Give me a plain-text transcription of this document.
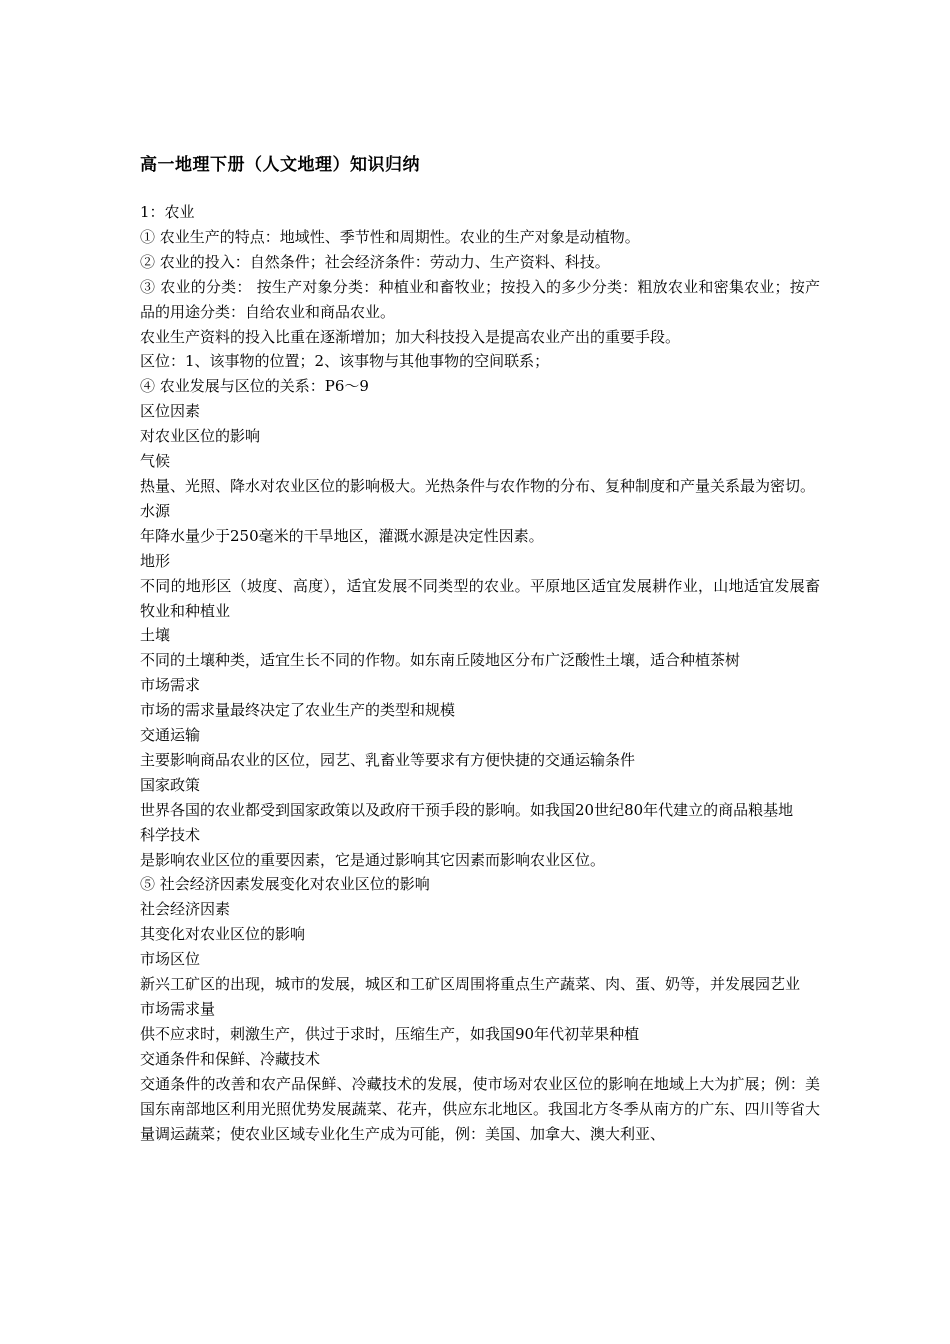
高一地理下册（人文地理）知识归纳

1：农业

① 农业生产的特点：地域性、季节性和周期性。农业的生产对象是动植物。

② 农业的投入：自然条件；社会经济条件：劳动力、生产资料、科技。

③ 农业的分类： 按生产对象分类：种植业和畜牧业；按投入的多少分类：粗放农业和密集农业；按产品的用途分类：自给农业和商品农业。

农业生产资料的投入比重在逐渐增加；加大科技投入是提高农业产出的重要手段。

区位：1、该事物的位置；2、该事物与其他事物的空间联系；

④ 农业发展与区位的关系：P6～9

区位因素

对农业区位的影响

气候

热量、光照、降水对农业区位的影响极大。光热条件与农作物的分布、复种制度和产量关系最为密切。

水源

年降水量少于250毫米的干旱地区，灌溉水源是决定性因素。

地形

不同的地形区（坡度、高度），适宜发展不同类型的农业。平原地区适宜发展耕作业，山地适宜发展畜牧业和种植业

土壤

不同的土壤种类，适宜生长不同的作物。如东南丘陵地区分布广泛酸性土壤，适合种植茶树

市场需求

市场的需求量最终决定了农业生产的类型和规模

交通运输

主要影响商品农业的区位，园艺、乳畜业等要求有方便快捷的交通运输条件

国家政策

世界各国的农业都受到国家政策以及政府干预手段的影响。如我国20世纪80年代建立的商品粮基地

科学技术

是影响农业区位的重要因素，它是通过影响其它因素而影响农业区位。

⑤ 社会经济因素发展变化对农业区位的影响

社会经济因素

其变化对农业区位的影响

市场区位

新兴工矿区的出现，城市的发展，城区和工矿区周围将重点生产蔬菜、肉、蛋、奶等，并发展园艺业

市场需求量

供不应求时，刺激生产，供过于求时，压缩生产，如我国90年代初苹果种植

交通条件和保鲜、冷藏技术

交通条件的改善和农产品保鲜、冷藏技术的发展，使市场对农业区位的影响在地域上大为扩展；例：美国东南部地区利用光照优势发展蔬菜、花卉，供应东北地区。我国北方冬季从南方的广东、四川等省大量调运蔬菜；使农业区域专业化生产成为可能，例：美国、加拿大、澳大利亚、
